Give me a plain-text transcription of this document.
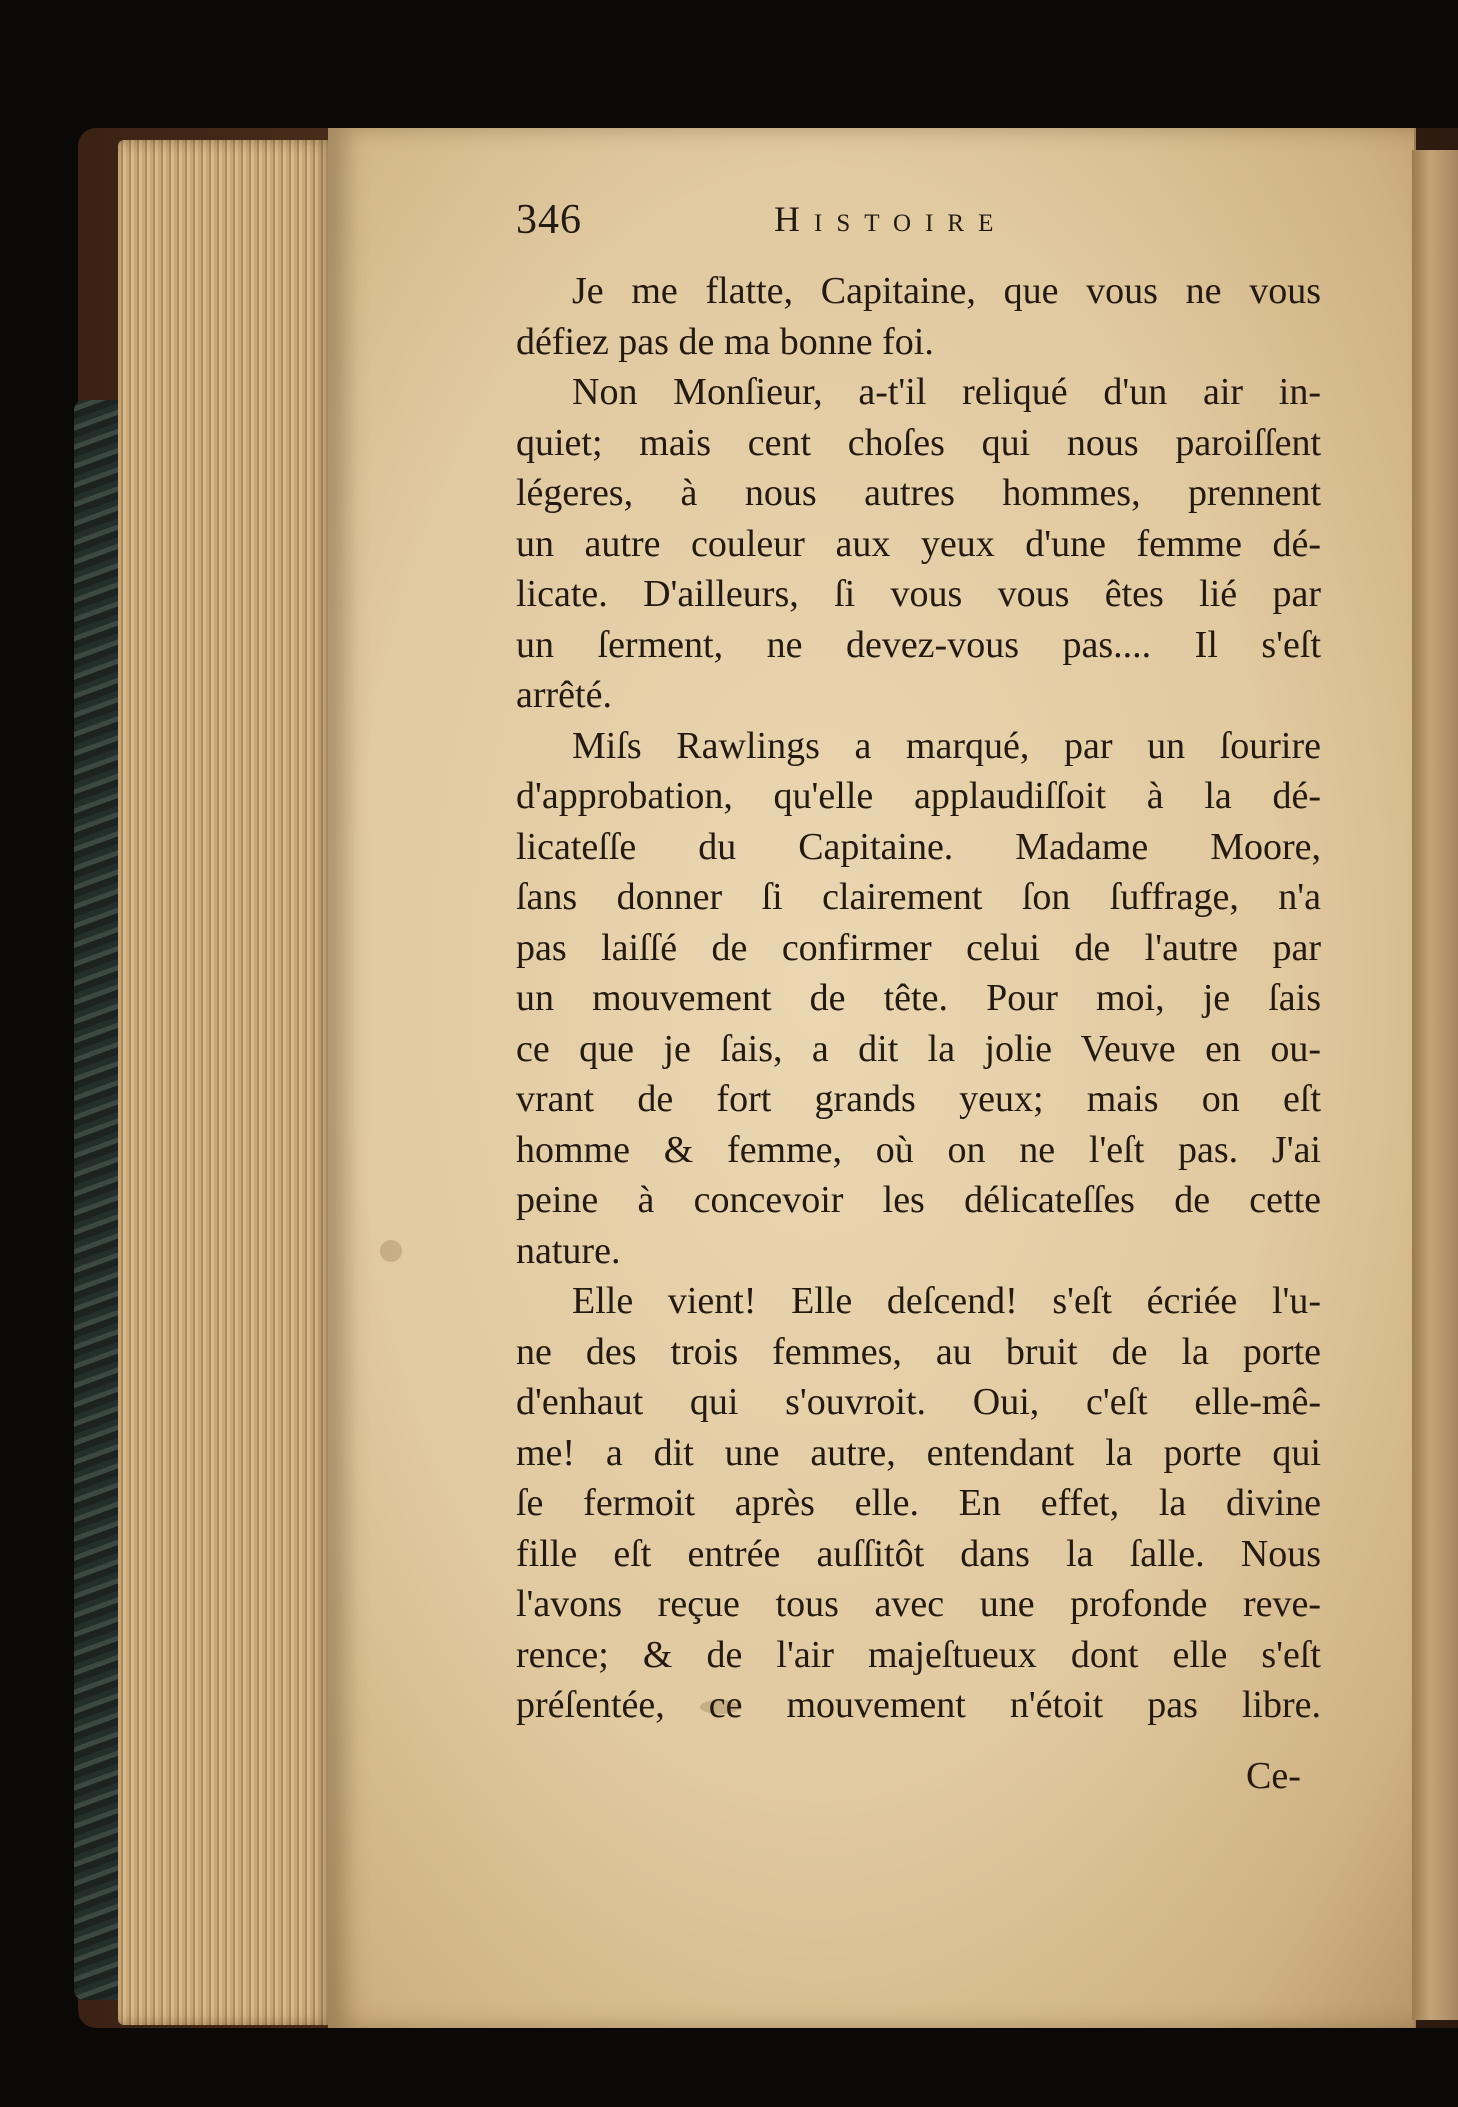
346	Histoire
Je me flatte, Capitaine, que vous ne vous
défiez pas de ma bonne foi.
Non Monſieur, a-t'il reliqué d'un air in-
quiet; mais cent choſes qui nous paroiſſent
légeres, à nous autres hommes, prennent
un autre couleur aux yeux d'une femme dé-
licate. D'ailleurs, ſi vous vous êtes lié par
un ſerment, ne devez-vous pas.... Il s'eſt
arrêté.
Miſs Rawlings a marqué, par un ſourire
d'approbation, qu'elle applaudiſſoit à la dé-
licateſſe du Capitaine. Madame Moore,
ſans donner ſi clairement ſon ſuffrage, n'a
pas laiſſé de confirmer celui de l'autre par
un mouvement de tête. Pour moi, je ſais
ce que je ſais, a dit la jolie Veuve en ou-
vrant de fort grands yeux; mais on eſt
homme & femme, où on ne l'eſt pas. J'ai
peine à concevoir les délicateſſes de cette
nature.
Elle vient! Elle deſcend! s'eſt écriée l'u-
ne des trois femmes, au bruit de la porte
d'enhaut qui s'ouvroit. Oui, c'eſt elle-mê-
me! a dit une autre, entendant la porte qui
ſe fermoit après elle. En effet, la divine
fille eſt entrée auſſitôt dans la ſalle. Nous
l'avons reçue tous avec une profonde reve-
rence; & de l'air majeſtueux dont elle s'eſt
préſentée, ce mouvement n'étoit pas libre.
Ce-
